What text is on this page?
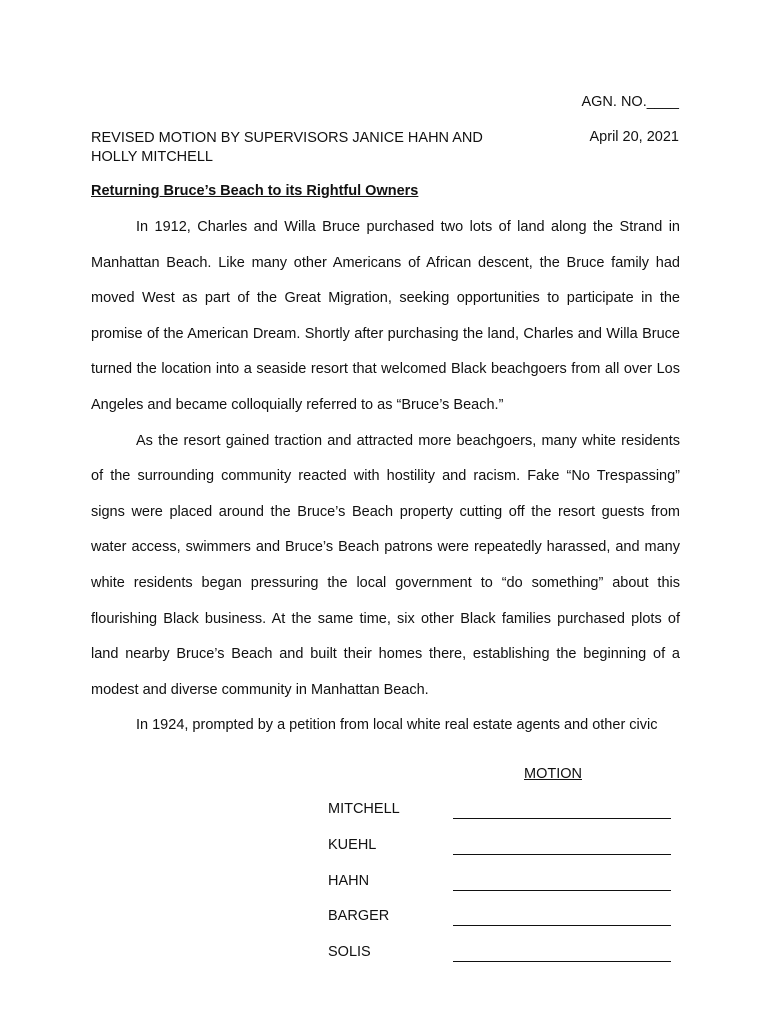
AGN. NO.____
REVISED MOTION BY SUPERVISORS JANICE HAHN AND HOLLY MITCHELL
April 20, 2021
Returning Bruce’s Beach to its Rightful Owners

In 1912, Charles and Willa Bruce purchased two lots of land along the Strand in Manhattan Beach. Like many other Americans of African descent, the Bruce family had moved West as part of the Great Migration, seeking opportunities to participate in the promise of the American Dream. Shortly after purchasing the land, Charles and Willa Bruce turned the location into a seaside resort that welcomed Black beachgoers from all over Los Angeles and became colloquially referred to as “Bruce’s Beach.”

As the resort gained traction and attracted more beachgoers, many white residents of the surrounding community reacted with hostility and racism. Fake “No Trespassing” signs were placed around the Bruce’s Beach property cutting off the resort guests from water access, swimmers and Bruce’s Beach patrons were repeatedly harassed, and many white residents began pressuring the local government to “do something” about this flourishing Black business. At the same time, six other Black families purchased plots of land nearby Bruce’s Beach and built their homes there, establishing the beginning of a modest and diverse community in Manhattan Beach.

In 1924, prompted by a petition from local white real estate agents and other civic

MOTION
MITCHELL
KUEHL
HAHN
BARGER
SOLIS
